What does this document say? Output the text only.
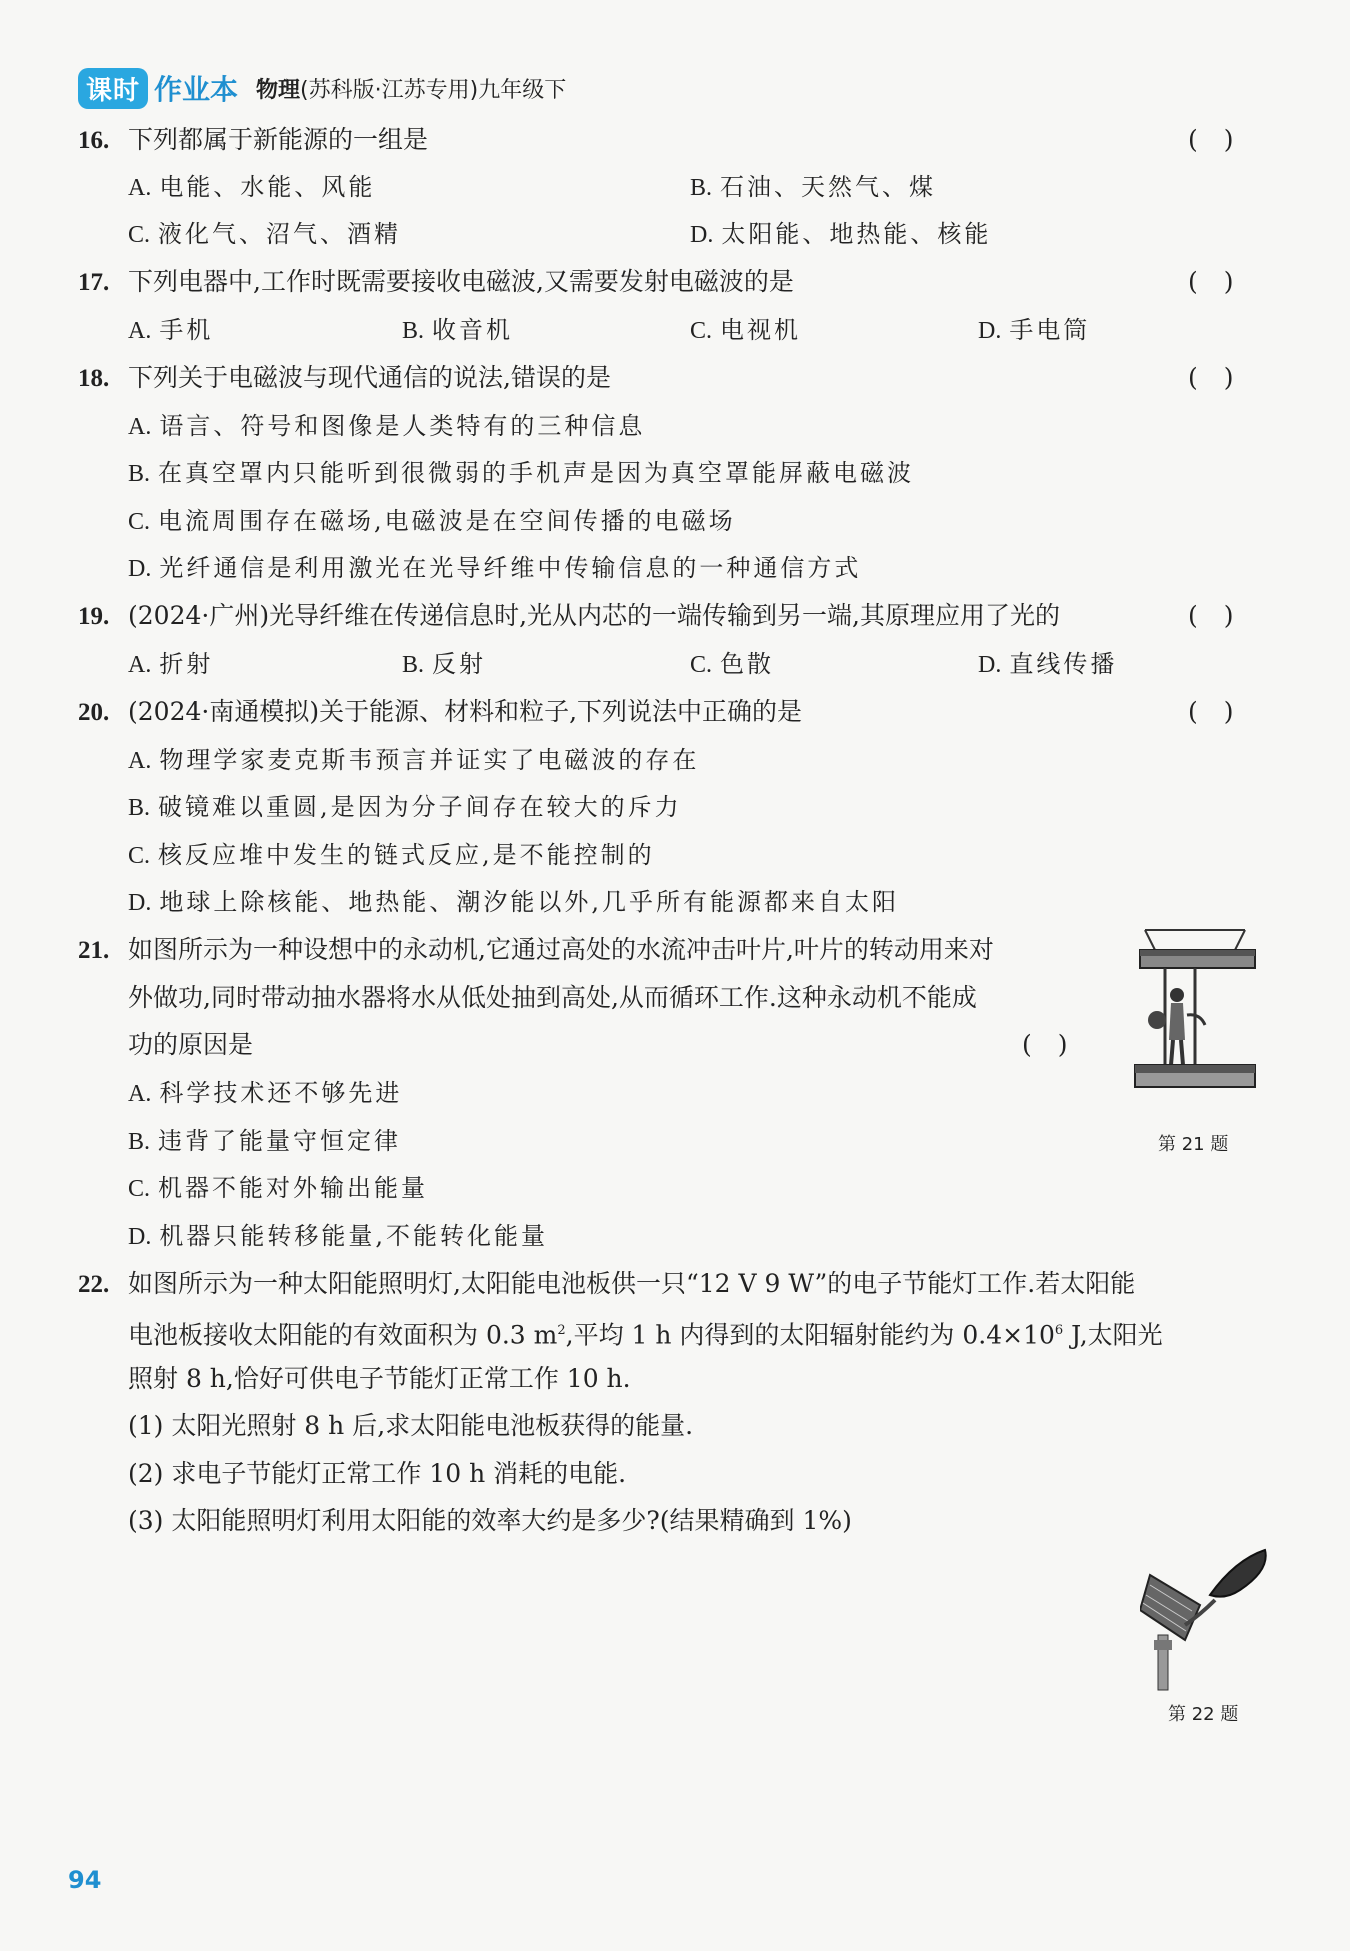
课时 作业本 物理(苏科版·江苏专用)九年级下
16. 下列都属于新能源的一组是	()
A. 电能、水能、风能	B. 石油、天然气、煤
C. 液化气、沼气、酒精	D. 太阳能、地热能、核能
17. 下列电器中,工作时既需要接收电磁波,又需要发射电磁波的是	()
A. 手机	B. 收音机	C. 电视机	D. 手电筒
18. 下列关于电磁波与现代通信的说法,错误的是	()
A. 语言、符号和图像是人类特有的三种信息
B. 在真空罩内只能听到很微弱的手机声是因为真空罩能屏蔽电磁波
C. 电流周围存在磁场,电磁波是在空间传播的电磁场
D. 光纤通信是利用激光在光导纤维中传输信息的一种通信方式
19. (2024·广州)光导纤维在传递信息时,光从内芯的一端传输到另一端,其原理应用了光的	()
A. 折射	B. 反射	C. 色散	D. 直线传播
20. (2024·南通模拟)关于能源、材料和粒子,下列说法中正确的是	()
A. 物理学家麦克斯韦预言并证实了电磁波的存在
B. 破镜难以重圆,是因为分子间存在较大的斥力
C. 核反应堆中发生的链式反应,是不能控制的
D. 地球上除核能、地热能、潮汐能以外,几乎所有能源都来自太阳
21. 如图所示为一种设想中的永动机,它通过高处的水流冲击叶片,叶片的转动用来对
外做功,同时带动抽水器将水从低处抽到高处,从而循环工作.这种永动机不能成
功的原因是	()
A. 科学技术还不够先进
B. 违背了能量守恒定律
C. 机器不能对外输出能量
D. 机器只能转移能量,不能转化能量
第 21 题
22. 如图所示为一种太阳能照明灯,太阳能电池板供一只“12 V 9 W”的电子节能灯工作.若太阳能
电池板接收太阳能的有效面积为 0.3 $m^2$,平均 1 h 内得到的太阳辐射能约为 $0.4\times 10^6$ J,太阳光
照射 8 h,恰好可供电子节能灯正常工作 10 h.
(1) 太阳光照射 8 h 后,求太阳能电池板获得的能量.
(2) 求电子节能灯正常工作 10 h 消耗的电能.
(3) 太阳能照明灯利用太阳能的效率大约是多少?(结果精确到 1%)
第 22 题
94
